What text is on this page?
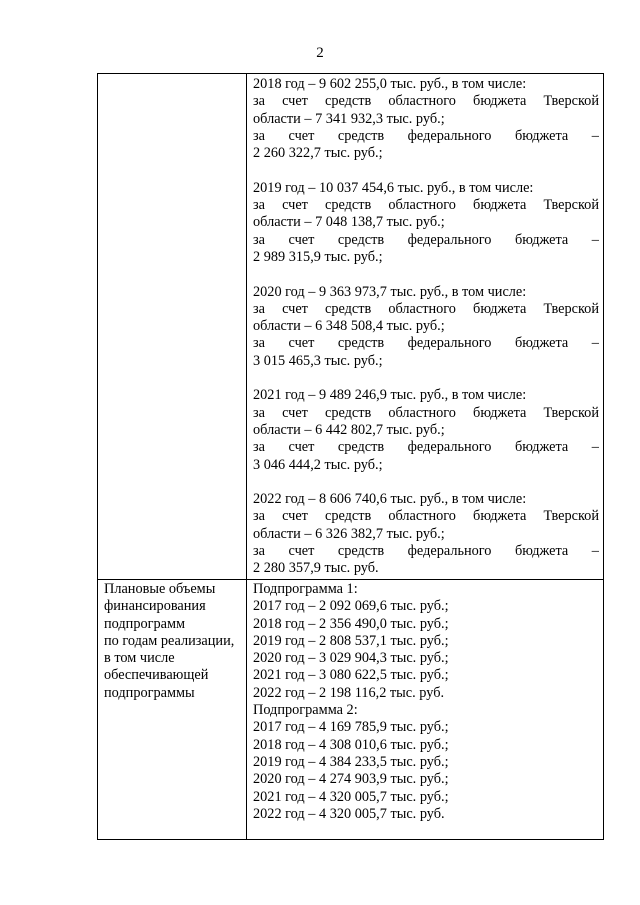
2
2018 год – 9 602 255,0 тыс. руб., в том числе:
за счет средств областного бюджета Тверской
области – 7 341 932,3 тыс. руб.;
за счет средств федерального бюджета –
2 260 322,7 тыс. руб.;
2019 год – 10 037 454,6 тыс. руб., в том числе:
за счет средств областного бюджета Тверской
области – 7 048 138,7 тыс. руб.;
за счет средств федерального бюджета –
2 989 315,9 тыс. руб.;
2020 год – 9 363 973,7 тыс. руб., в том числе:
за счет средств областного бюджета Тверской
области – 6 348 508,4 тыс. руб.;
за счет средств федерального бюджета –
3 015 465,3 тыс. руб.;
2021 год – 9 489 246,9 тыс. руб., в том числе:
за счет средств областного бюджета Тверской
области – 6 442 802,7 тыс. руб.;
за счет средств федерального бюджета –
3 046 444,2 тыс. руб.;
2022 год – 8 606 740,6 тыс. руб., в том числе:
за счет средств областного бюджета Тверской
области – 6 326 382,7 тыс. руб.;
за счет средств федерального бюджета –
2 280 357,9 тыс. руб.
Плановые объемы
финансирования
подпрограмм
по годам реализации,
в том числе
обеспечивающей
подпрограммы
Подпрограмма 1:
2017 год – 2 092 069,6 тыс. руб.;
2018 год – 2 356 490,0 тыс. руб.;
2019 год – 2 808 537,1 тыс. руб.;
2020 год – 3 029 904,3 тыс. руб.;
2021 год – 3 080 622,5 тыс. руб.;
2022 год – 2 198 116,2 тыс. руб.
Подпрограмма 2:
2017 год – 4 169 785,9 тыс. руб.;
2018 год – 4 308 010,6 тыс. руб.;
2019 год – 4 384 233,5 тыс. руб.;
2020 год – 4 274 903,9 тыс. руб.;
2021 год – 4 320 005,7 тыс. руб.;
2022 год – 4 320 005,7 тыс. руб.
